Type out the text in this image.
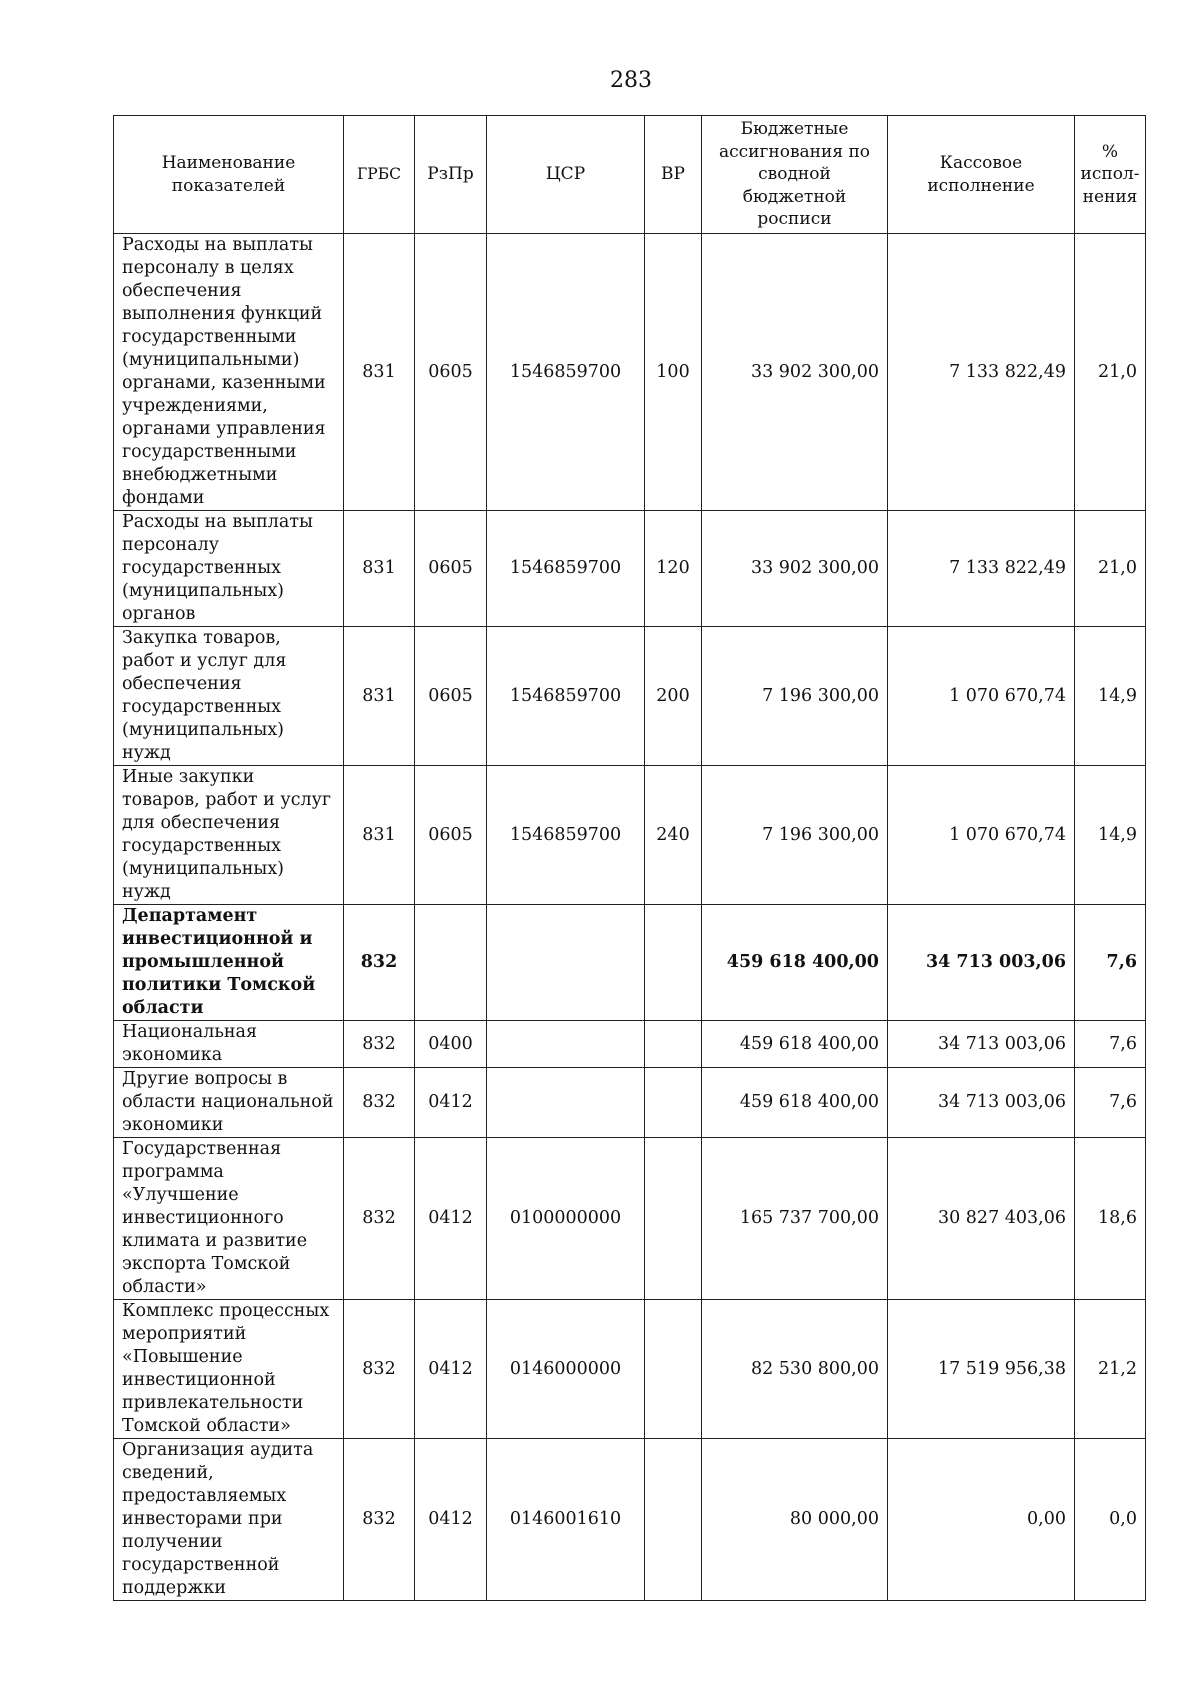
283
Наименование показателей	ГРБС	РзПр	ЦСР	ВР	Бюджетные ассигнования по сводной бюджетной росписи	Кассовое исполнение	% испол-нения
Расходы на выплаты персоналу в целях обеспечения выполнения функций государственными (муниципальными) органами, казенными учреждениями, органами управления государственными внебюджетными фондами	831	0605	1546859700	100	33 902 300,00	7 133 822,49	21,0
Расходы на выплаты персоналу государственных (муниципальных) органов	831	0605	1546859700	120	33 902 300,00	7 133 822,49	21,0
Закупка товаров, работ и услуг для обеспечения государственных (муниципальных) нужд	831	0605	1546859700	200	7 196 300,00	1 070 670,74	14,9
Иные закупки товаров, работ и услуг для обеспечения государственных (муниципальных) нужд	831	0605	1546859700	240	7 196 300,00	1 070 670,74	14,9
Департамент инвестиционной и промышленной политики Томской области	832				459 618 400,00	34 713 003,06	7,6
Национальная экономика	832	0400			459 618 400,00	34 713 003,06	7,6
Другие вопросы в области национальной экономики	832	0412			459 618 400,00	34 713 003,06	7,6
Государственная программа «Улучшение инвестиционного климата и развитие экспорта Томской области»	832	0412	0100000000		165 737 700,00	30 827 403,06	18,6
Комплекс процессных мероприятий «Повышение инвестиционной привлекательности Томской области»	832	0412	0146000000		82 530 800,00	17 519 956,38	21,2
Организация аудита сведений, предоставляемых инвесторами при получении государственной поддержки	832	0412	0146001610		80 000,00	0,00	0,0
